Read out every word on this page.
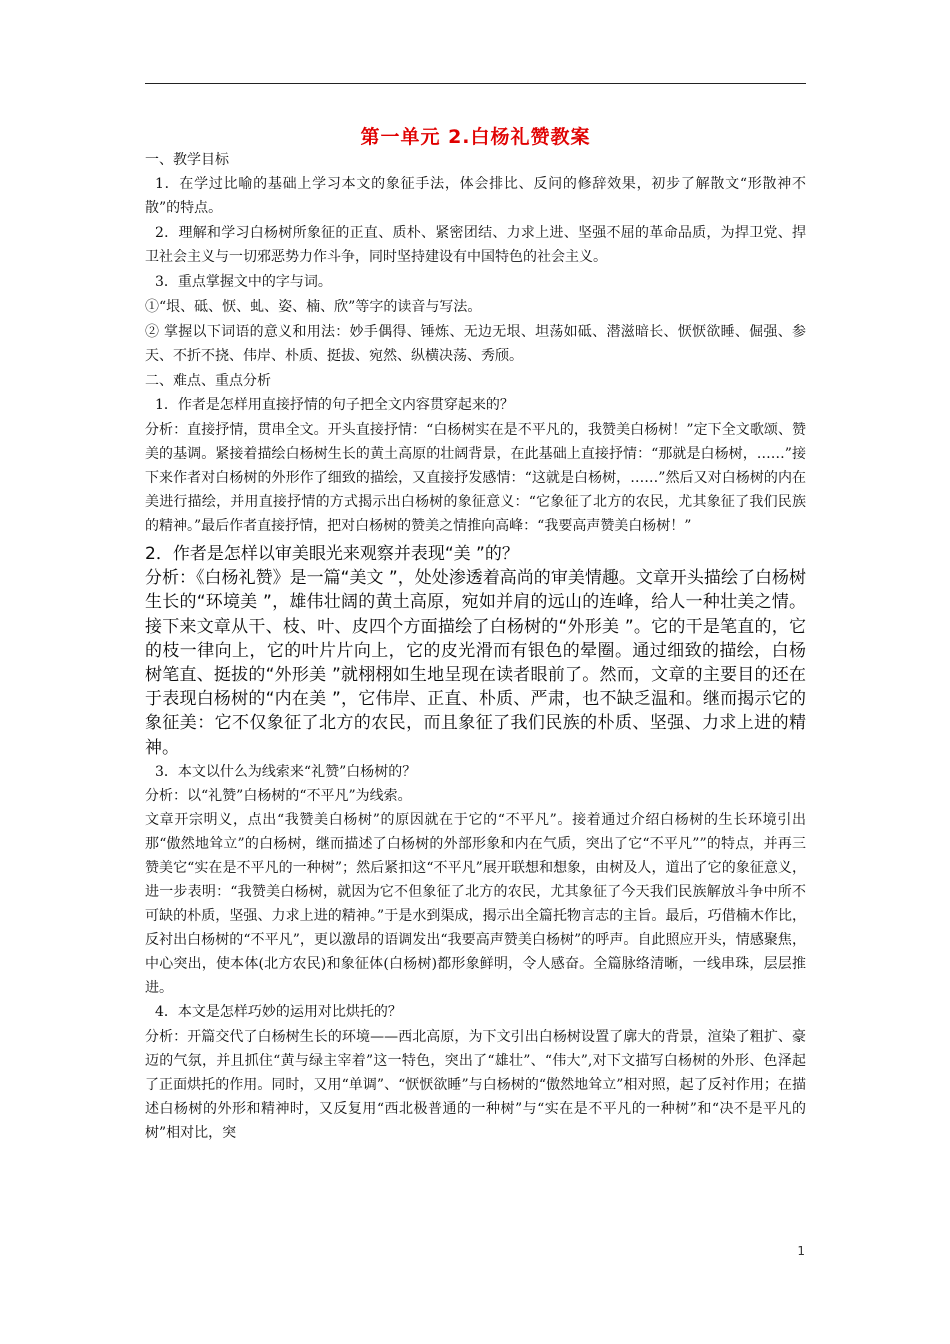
第一单元 2.白杨礼赞教案

一、教学目标

1．在学过比喻的基础上学习本文的象征手法，体会排比、反问的修辞效果，初步了解散文“形散神不散”的特点。

2．理解和学习白杨树所象征的正直、质朴、紧密团结、力求上进、坚强不屈的革命品质，为捍卫党、捍卫社会主义与一切邪恶势力作斗争，同时坚持建设有中国特色的社会主义。

3．重点掌握文中的字与词。

①“垠、砥、恹、虬、姿、楠、欣”等字的读音与写法。

② 掌握以下词语的意义和用法：妙手偶得、锤炼、无边无垠、坦荡如砥、潜滋暗长、恹恹欲睡、倔强、参天、不折不挠、伟岸、朴质、挺拔、宛然、纵横决荡、秀颀。

二、难点、重点分析

1．作者是怎样用直接抒情的句子把全文内容贯穿起来的？

分析：直接抒情，贯串全文。开头直接抒情：“白杨树实在是不平凡的，我赞美白杨树！”定下全文歌颂、赞美的基调。紧接着描绘白杨树生长的黄土高原的壮阔背景，在此基础上直接抒情：“那就是白杨树，……”接下来作者对白杨树的外形作了细致的描绘，又直接抒发感情：“这就是白杨树，……”然后又对白杨树的内在美进行描绘，并用直接抒情的方式揭示出白杨树的象征意义：“它象征了北方的农民，尤其象征了我们民族的精神。”最后作者直接抒情，把对白杨树的赞美之情推向高峰：“我要高声赞美白杨树！”

2．作者是怎样以审美眼光来观察并表现“美 ”的？

分析：《白杨礼赞》是一篇“美文 ”，处处渗透着高尚的审美情趣。文章开头描绘了白杨树生长的“环境美 ”，雄伟壮阔的黄土高原，宛如并肩的远山的连峰，给人一种壮美之情。接下来文章从干、枝、叶、皮四个方面描绘了白杨树的“外形美 ”。它的干是笔直的，它的枝一律向上，它的叶片片向上，它的皮光滑而有银色的晕圈。通过细致的描绘，白杨树笔直、挺拔的“外形美 ”就栩栩如生地呈现在读者眼前了。然而，文章的主要目的还在于表现白杨树的“内在美 ”，它伟岸、正直、朴质、严肃，也不缺乏温和。继而揭示它的象征美：它不仅象征了北方的农民，而且象征了我们民族的朴质、坚强、力求上进的精神。

3．本文以什么为线索来“礼赞”白杨树的？

分析：以“礼赞”白杨树的“不平凡”为线索。

文章开宗明义，点出“我赞美白杨树”的原因就在于它的“不平凡”。接着通过介绍白杨树的生长环境引出那“傲然地耸立”的白杨树，继而描述了白杨树的外部形象和内在气质，突出了它“不平凡””的特点，并再三赞美它“实在是不平凡的一种树”；然后紧扣这“不平凡”展开联想和想象，由树及人，道出了它的象征意义，进一步表明：“我赞美白杨树，就因为它不但象征了北方的农民，尤其象征了今天我们民族解放斗争中所不可缺的朴质，坚强、力求上进的精神。”于是水到渠成，揭示出全篇托物言志的主旨。最后，巧借楠木作比，反衬出白杨树的“不平凡”，更以激昂的语调发出“我要高声赞美白杨树”的呼声。自此照应开头，情感聚焦，中心突出，使本体(北方农民)和象征体(白杨树)都形象鲜明，令人感奋。全篇脉络清晰，一线串珠，层层推进。

4．本文是怎样巧妙的运用对比烘托的？

分析：开篇交代了白杨树生长的环境——西北高原，为下文引出白杨树设置了廓大的背景，渲染了粗扩、豪迈的气氛，并且抓住“黄与绿主宰着”这一特色，突出了“雄壮”、“伟大”,对下文描写白杨树的外形、色泽起了正面烘托的作用。同时，又用“单调”、“恹恹欲睡”与白杨树的“傲然地耸立”相对照，起了反衬作用；在描述白杨树的外形和精神时，又反复用“西北极普通的一种树”与“实在是不平凡的一种树”和“决不是平凡的树”相对比，突

1
